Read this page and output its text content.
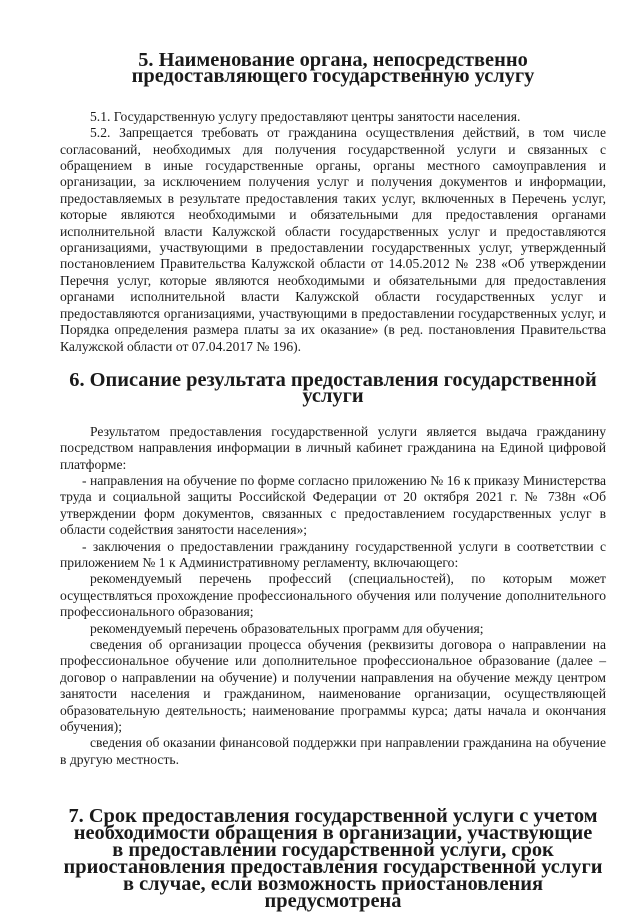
5. Наименование органа, непосредственно
предоставляющего государственную услугу

5.1. Государственную услугу предоставляют центры занятости населения.

5.2. Запрещается требовать от гражданина осуществления действий, в том числе согласований, необходимых для получения государственной услуги и связанных с обращением в иные государственные органы, органы местного самоуправления и организации, за исключением получения услуг и получения документов и информации, предоставляемых в результате предоставления таких услуг, включенных в Перечень услуг, которые являются необходимыми и обязательными для предоставления органами исполнительной власти Калужской области государственных услуг и предоставляются организациями, участвующими в предоставлении государственных услуг, утвержденный постановлением Правительства Калужской области от 14.05.2012 № 238 «Об утверждении Перечня услуг, которые являются необходимыми и обязательными для предоставления органами исполнительной власти Калужской области государственных услуг и предоставляются организациями, участвующими в предоставлении государственных услуг, и Порядка определения размера платы за их оказание» (в ред. постановления Правительства Калужской области от 07.04.2017 № 196).

6. Описание результата предоставления государственной услуги

Результатом предоставления государственной услуги является выдача гражданину посредством направления информации в личный кабинет гражданина на Единой цифровой платформе:

- направления на обучение по форме согласно приложению № 16 к приказу Министерства труда и социальной защиты Российской Федерации от 20 октября 2021 г. № 738н «Об утверждении форм документов, связанных с предоставлением государственных услуг в области содействия занятости населения»;

- заключения о предоставлении гражданину государственной услуги в соответствии с приложением № 1 к Административному регламенту, включающего:

рекомендуемый перечень профессий (специальностей), по которым может осуществляться прохождение профессионального обучения или получение дополнительного профессионального образования;

рекомендуемый перечень образовательных программ для обучения;

сведения об организации процесса обучения (реквизиты договора о направлении на профессиональное обучение или дополнительное профессиональное образование (далее – договор о направлении на обучение) и получении направления на обучение между центром занятости населения и гражданином, наименование организации, осуществляющей образовательную деятельность; наименование программы курса; даты начала и окончания обучения);

сведения об оказании финансовой поддержки при направлении гражданина на обучение в другую местность.

7. Срок предоставления государственной услуги с учетом
необходимости обращения в организации, участвующие
в предоставлении государственной услуги, срок
приостановления предоставления государственной услуги
в случае, если возможность приостановления предусмотрена
